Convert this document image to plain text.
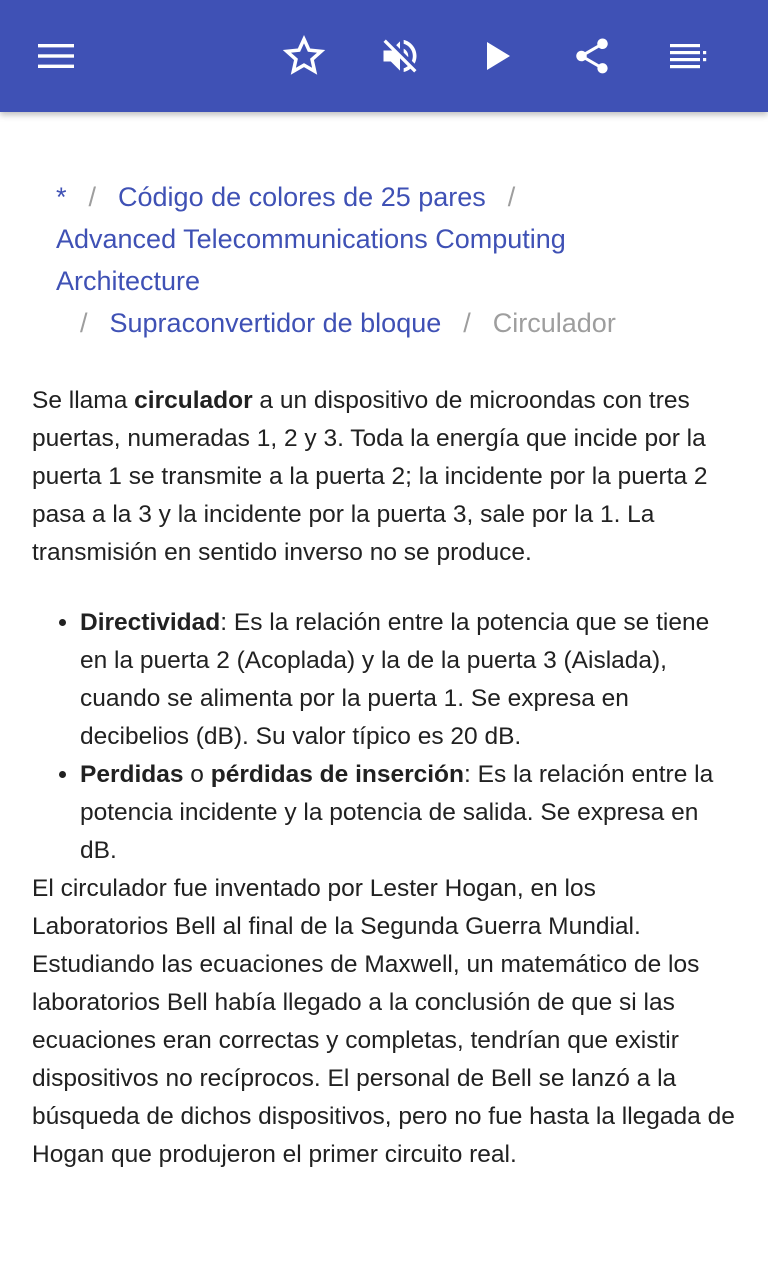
* / Código de colores de 25 pares /
Advanced Telecommunications Computing
Architecture
/ Supraconvertidor de bloque / Circulador

Se llama circulador a un dispositivo de microondas con tres puertas, numeradas 1, 2 y 3. Toda la energía que incide por la puerta 1 se transmite a la puerta 2; la incidente por la puerta 2 pasa a la 3 y la incidente por la puerta 3, sale por la 1. La transmisión en sentido inverso no se produce.

• Directividad: Es la relación entre la potencia que se tiene en la puerta 2 (Acoplada) y la de la puerta 3 (Aislada), cuando se alimenta por la puerta 1. Se expresa en decibelios (dB). Su valor típico es 20 dB.
• Perdidas o pérdidas de inserción: Es la relación entre la potencia incidente y la potencia de salida. Se expresa en dB.

El circulador fue inventado por Lester Hogan, en los Laboratorios Bell al final de la Segunda Guerra Mundial. Estudiando las ecuaciones de Maxwell, un matemático de los laboratorios Bell había llegado a la conclusión de que si las ecuaciones eran correctas y completas, tendrían que existir dispositivos no recíprocos. El personal de Bell se lanzó a la búsqueda de dichos dispositivos, pero no fue hasta la llegada de Hogan que produjeron el primer circuito real.
